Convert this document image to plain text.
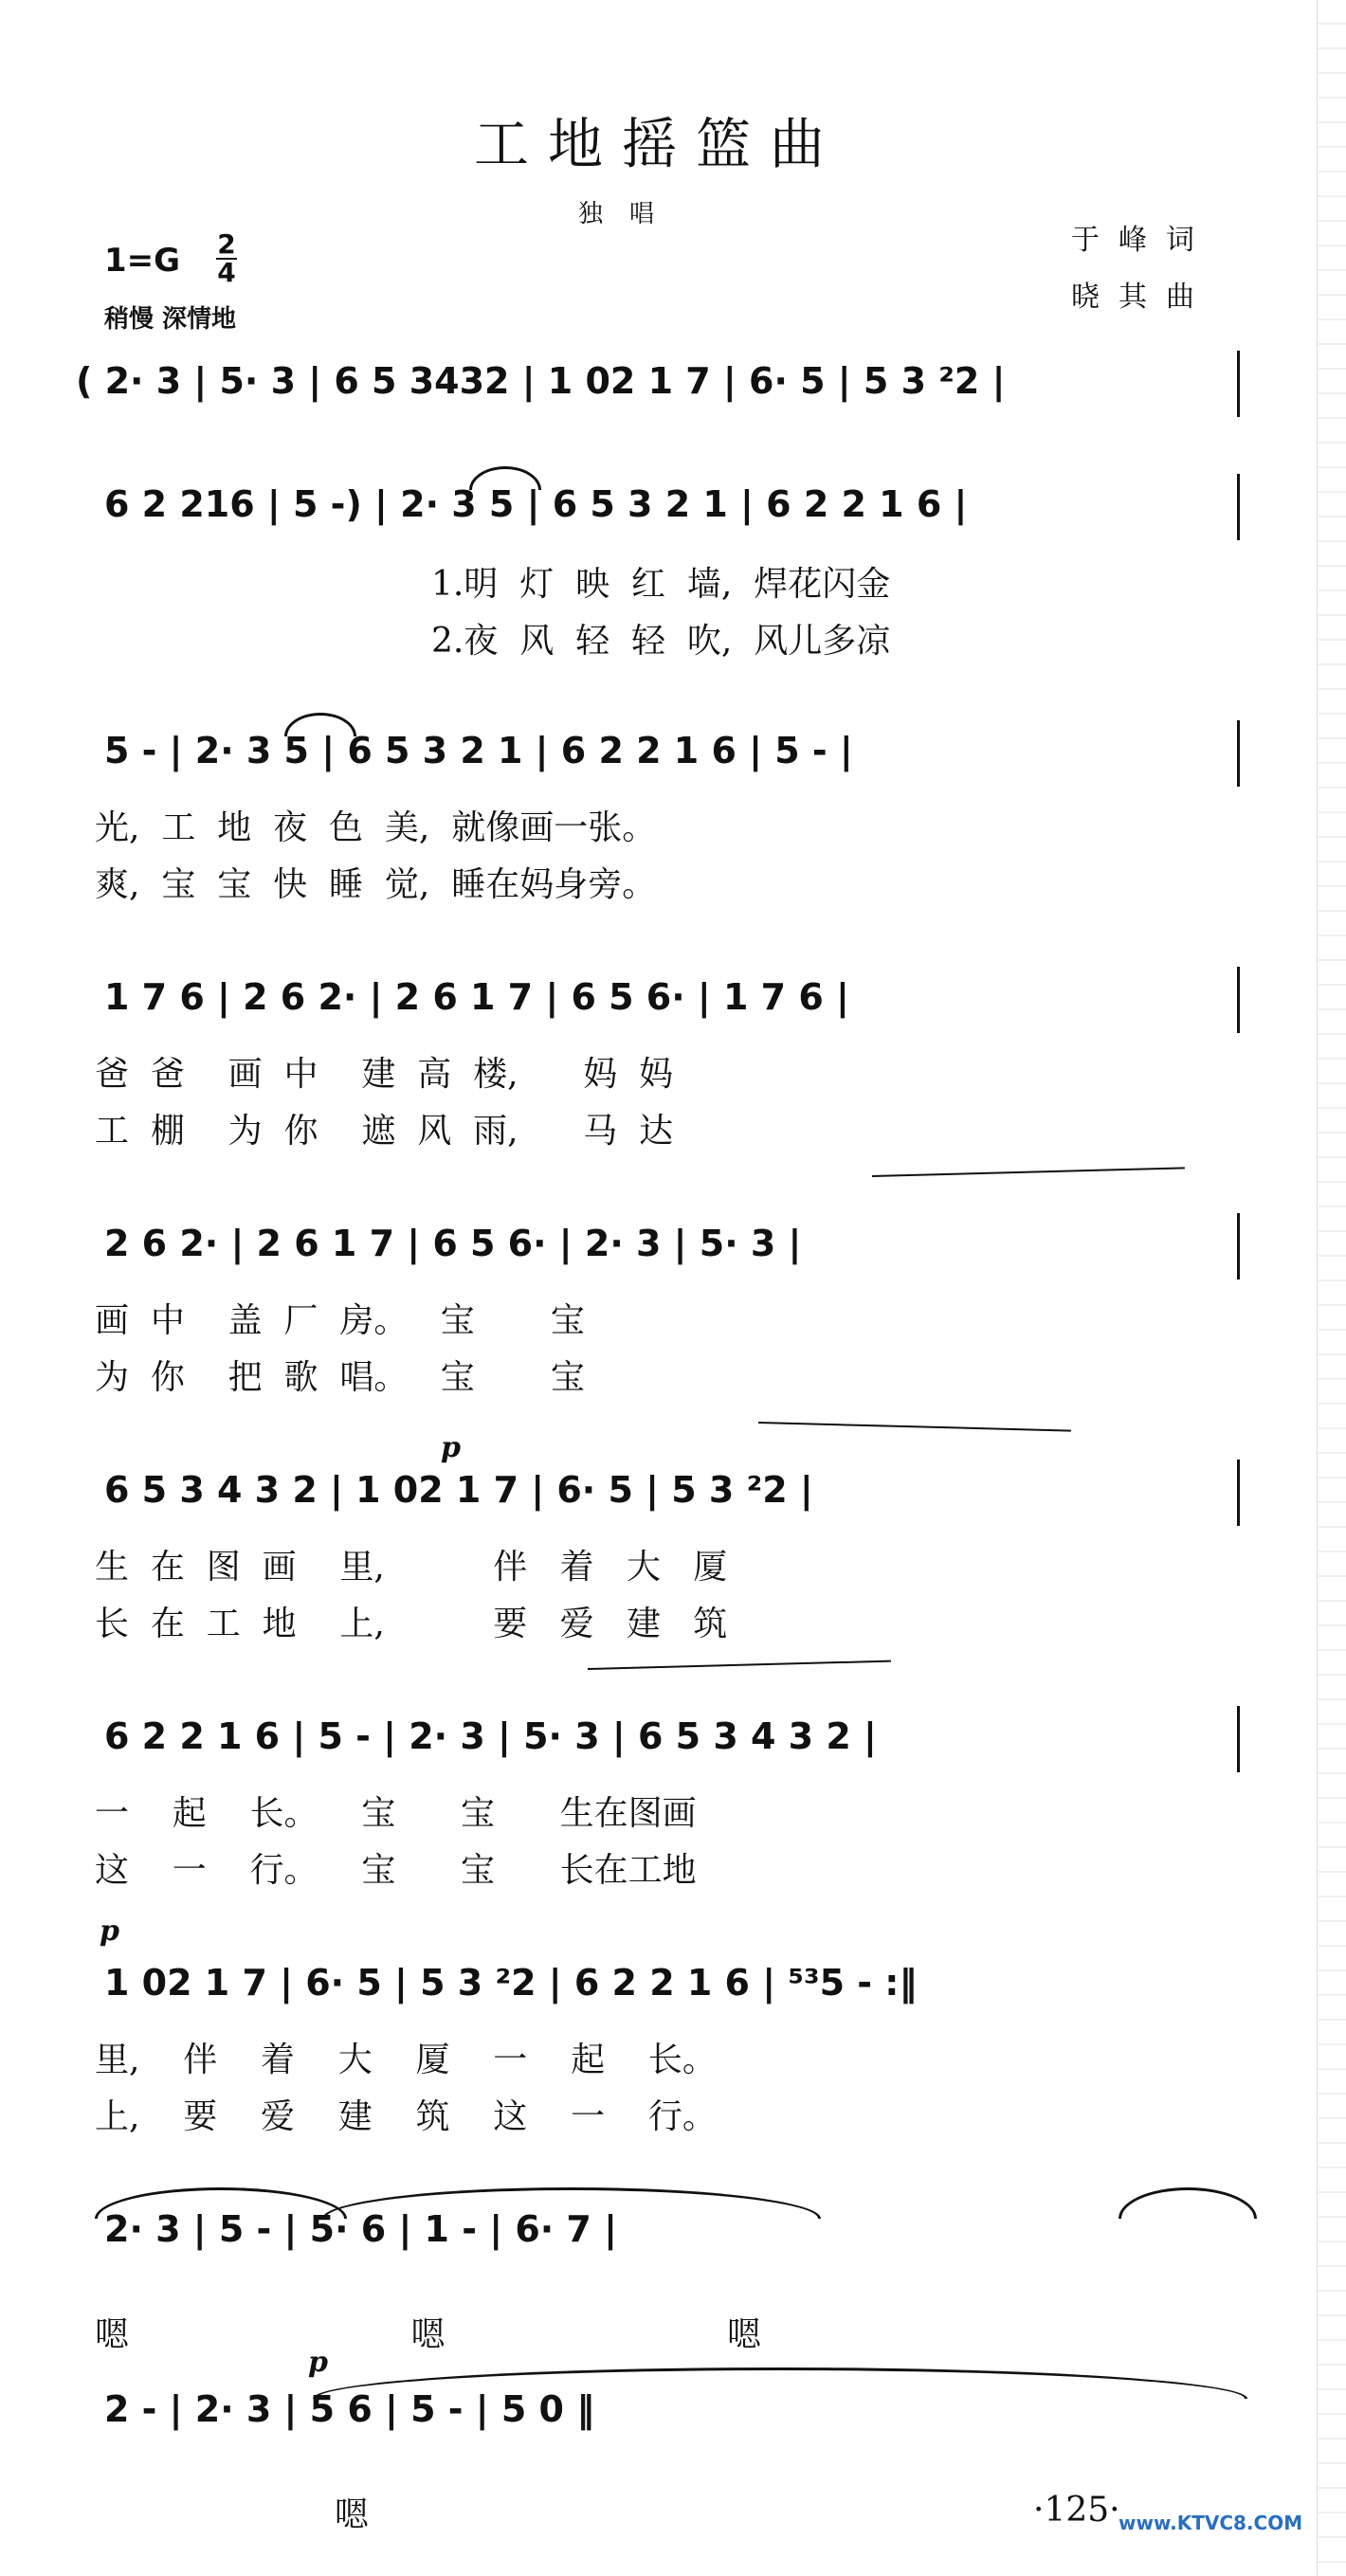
工地摇篮曲
独唱
于峰词
晓其曲
1=G 2
4
稍慢 深情地
( 2· 3 | 5· 3 | 6 5 3432 | 1 02 1 7 | 6· 5 | 5 3 ²2 |
6 2 216 | 5 -) | 2· 3 5 | 6 5 3 2 1 | 6 2 2 1 6 |
1.明  灯  映  红  墙,  焊花闪金
2.夜  风  轻  轻  吹,  风儿多凉
5 - | 2· 3 5 | 6 5 3 2 1 | 6 2 2 1 6 | 5 - |
光,  工  地  夜  色  美,  就像画一张。
爽,  宝  宝  快  睡  觉,  睡在妈身旁。
1 7 6 | 2 6 2· | 2 6 1 7 | 6 5 6· | 1 7 6 |
爸  爸    画  中    建  高  楼,      妈  妈
工  棚    为  你    遮  风  雨,      马  达
2 6 2· | 2 6 1 7 | 6 5 6· | 2· 3 | 5· 3 |
画  中    盖  厂  房。   宝       宝
为  你    把  歌  唱。   宝       宝
p
6 5 3 4 3 2 | 1 02 1 7 | 6· 5 | 5 3 ²2 |
生  在  图  画    里,          伴   着   大   厦
长  在  工  地    上,          要   爱   建   筑
6 2 2 1 6 | 5 - | 2· 3 | 5· 3 | 6 5 3 4 3 2 |
一    起    长。    宝      宝      生在图画
这    一    行。    宝      宝      长在工地
p
1 02 1 7 | 6· 5 | 5 3 ²2 | 6 2 2 1 6 | ⁵³5 - :‖
里,    伴    着    大    厦    一    起    长。
上,    要    爱    建    筑    这    一    行。
2· 3 | 5 - | 5· 6 | 1 - | 6· 7 |
嗯                          嗯                          嗯
p
2 - | 2· 3 | 5 6 | 5 - | 5 0 ‖
嗯	·125·
www.KTVC8.COM
